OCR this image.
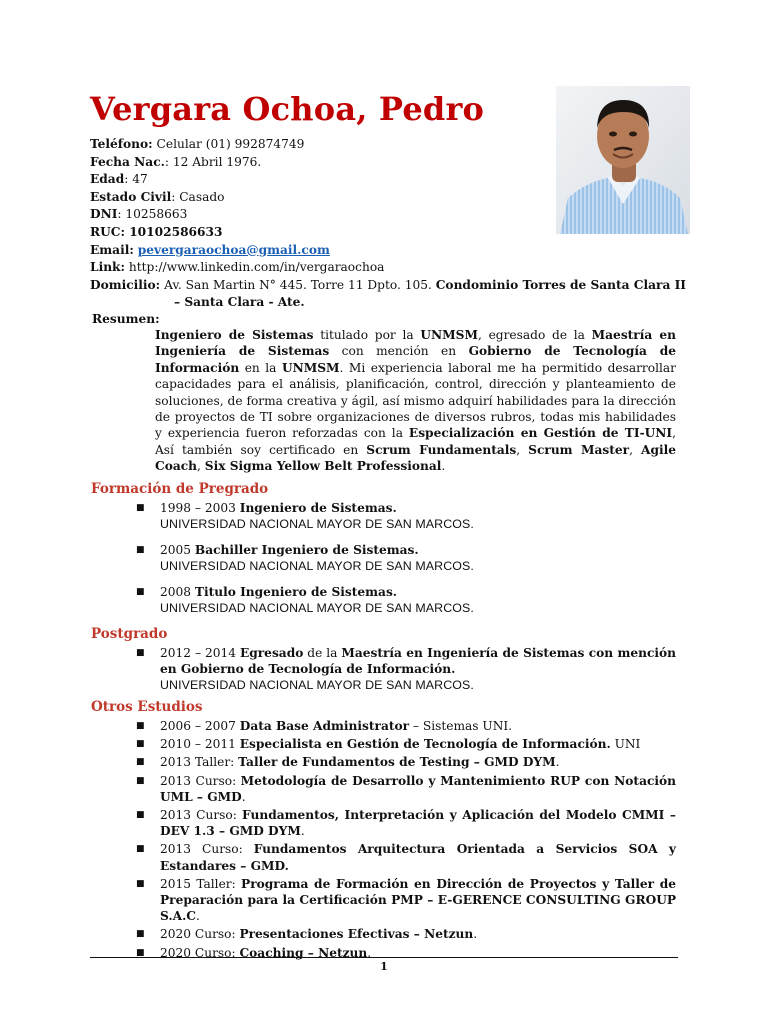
Vergara Ochoa, Pedro
Teléfono: Celular (01) 992874749
Fecha Nac.: 12 Abril 1976.
Edad: 47
Estado Civil: Casado
DNI: 10258663
RUC: 10102586633
Email: pevergaraochoa@gmail.com
Link: http://www.linkedin.com/in/vergaraochoa
Domicilio: Av. San Martin N° 445. Torre 11 Dpto. 105. Condominio Torres de Santa Clara II
– Santa Clara - Ate.
Resumen:
Ingeniero de Sistemas titulado por la UNMSM, egresado de la Maestría en Ingeniería de Sistemas con mención en Gobierno de Tecnología de Información en la UNMSM. Mi experiencia laboral me ha permitido desarrollar capacidades para el análisis, planificación, control, dirección y planteamiento de soluciones, de forma creativa y ágil, así mismo adquirí habilidades para la dirección de proyectos de TI sobre organizaciones de diversos rubros, todas mis habilidades y experiencia fueron reforzadas con la Especialización en Gestión de TI-UNI, Así también soy certificado en Scrum Fundamentals, Scrum Master, Agile Coach, Six Sigma Yellow Belt Professional.
Formación de Pregrado
■ 1998 – 2003 Ingeniero de Sistemas.
UNIVERSIDAD NACIONAL MAYOR DE SAN MARCOS.
■ 2005 Bachiller Ingeniero de Sistemas.
UNIVERSIDAD NACIONAL MAYOR DE SAN MARCOS.
■ 2008 Titulo Ingeniero de Sistemas.
UNIVERSIDAD NACIONAL MAYOR DE SAN MARCOS.
Postgrado
■ 2012 – 2014 Egresado de la Maestría en Ingeniería de Sistemas con mención en Gobierno de Tecnología de Información.
UNIVERSIDAD NACIONAL MAYOR DE SAN MARCOS.
Otros Estudios
■ 2006 – 2007 Data Base Administrator – Sistemas UNI.
■ 2010 – 2011 Especialista en Gestión de Tecnología de Información. UNI
■ 2013 Taller: Taller de Fundamentos de Testing – GMD DYM.
■ 2013 Curso: Metodología de Desarrollo y Mantenimiento RUP con Notación UML – GMD.
■ 2013 Curso: Fundamentos, Interpretación y Aplicación del Modelo CMMI – DEV 1.3 – GMD DYM.
■ 2013 Curso: Fundamentos Arquitectura Orientada a Servicios SOA y Estandares – GMD.
■ 2015 Taller: Programa de Formación en Dirección de Proyectos y Taller de Preparación para la Certificación PMP – E-GERENCE CONSULTING GROUP S.A.C.
■ 2020 Curso: Presentaciones Efectivas – Netzun.
■ 2020 Curso: Coaching – Netzun.
1
